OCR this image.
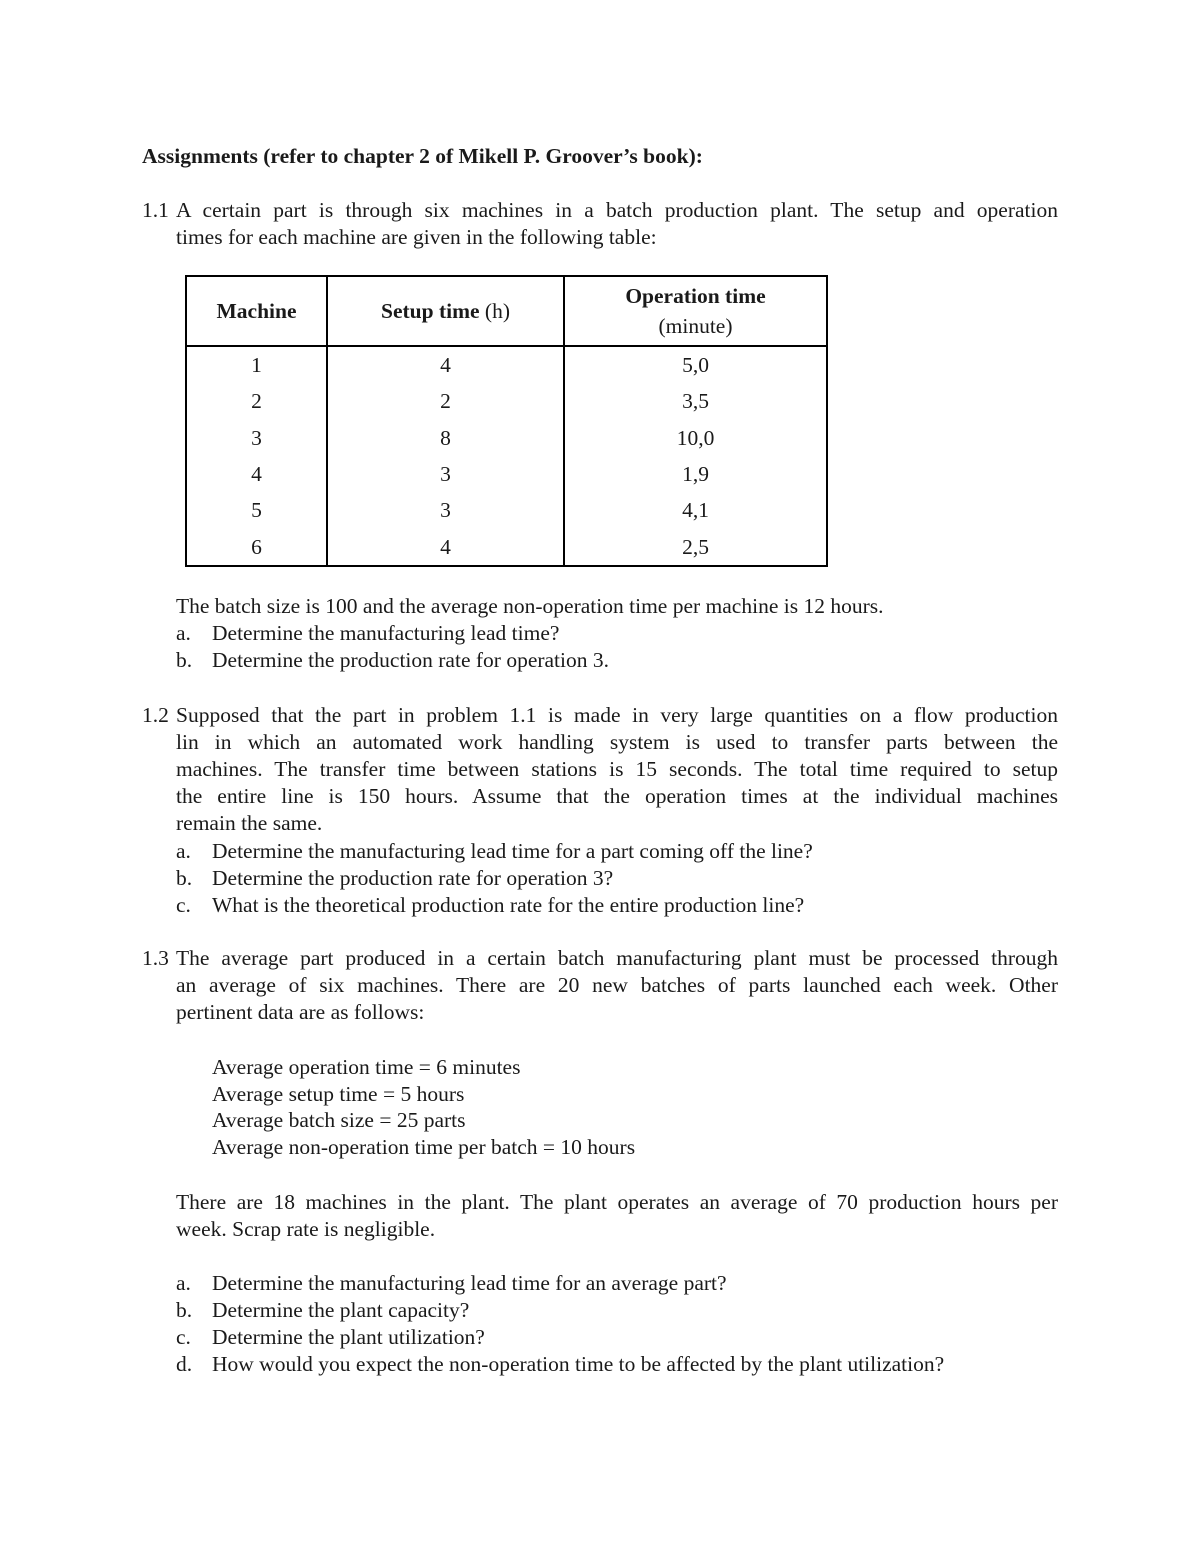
Assignments (refer to chapter 2 of Mikell P. Groover’s book):
1.1 A certain part is through six machines in a batch production plant. The setup and operation
times for each machine are given in the following table:
Machine	Setup time (h)	Operation time
(minute)
1	4	5,0
2	2	3,5
3	8	10,0
4	3	1,9
5	3	4,1
6	4	2,5
The batch size is 100 and the average non-operation time per machine is 12 hours.
a. Determine the manufacturing lead time?
b. Determine the production rate for operation 3.
1.2 Supposed that the part in problem 1.1 is made in very large quantities on a flow production
lin in which an automated work handling system is used to transfer parts between the
machines. The transfer time between stations is 15 seconds. The total time required to setup
the entire line is 150 hours. Assume that the operation times at the individual machines
remain the same.
a. Determine the manufacturing lead time for a part coming off the line?
b. Determine the production rate for operation 3?
c. What is the theoretical production rate for the entire production line?
1.3 The average part produced in a certain batch manufacturing plant must be processed through
an average of six machines. There are 20 new batches of parts launched each week. Other
pertinent data are as follows:
Average operation time = 6 minutes
Average setup time = 5 hours
Average batch size = 25 parts
Average non-operation time per batch = 10 hours
There are 18 machines in the plant. The plant operates an average of 70 production hours per
week. Scrap rate is negligible.
a. Determine the manufacturing lead time for an average part?
b. Determine the plant capacity?
c. Determine the plant utilization?
d. How would you expect the non-operation time to be affected by the plant utilization?
